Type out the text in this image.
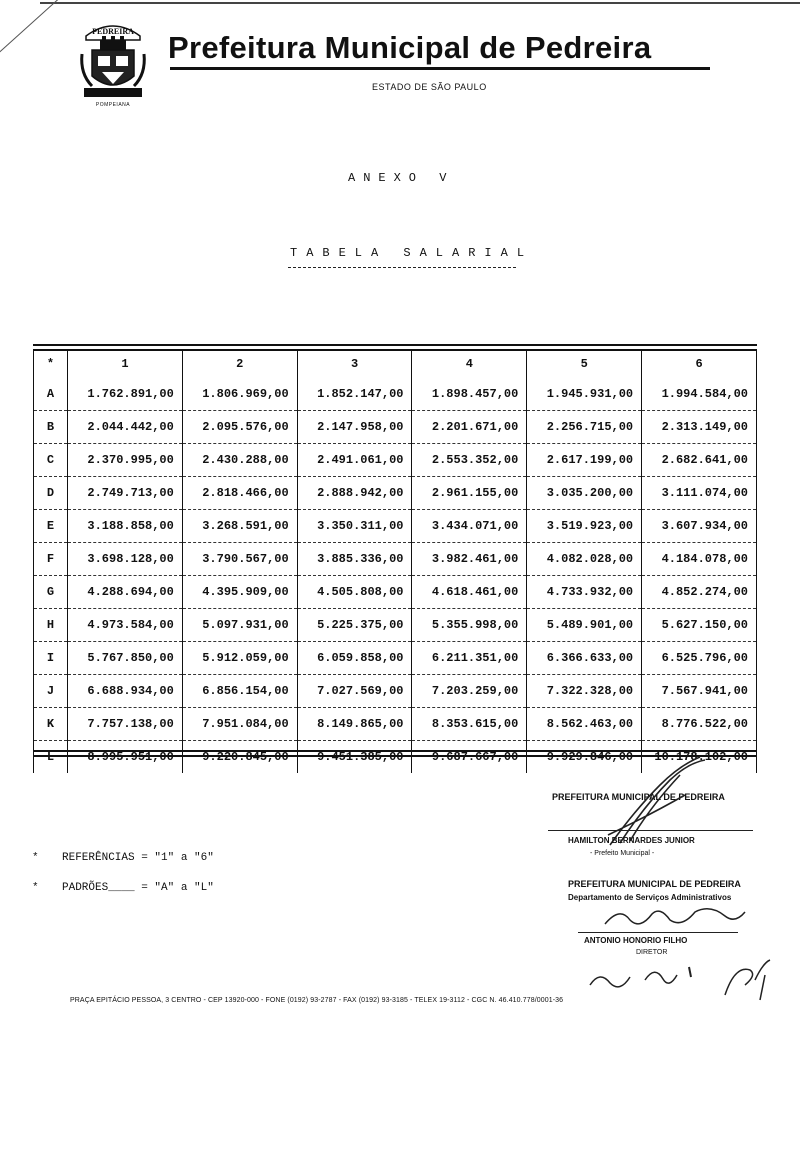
PEDREIRA
POMPEIANA
Prefeitura Municipal de Pedreira
ESTADO DE SÃO PAULO
ANEXO V
TABELA SALARIAL
*	1	2	3	4	5	6
A	1.762.891,00	1.806.969,00	1.852.147,00	1.898.457,00	1.945.931,00	1.994.584,00
B	2.044.442,00	2.095.576,00	2.147.958,00	2.201.671,00	2.256.715,00	2.313.149,00
C	2.370.995,00	2.430.288,00	2.491.061,00	2.553.352,00	2.617.199,00	2.682.641,00
D	2.749.713,00	2.818.466,00	2.888.942,00	2.961.155,00	3.035.200,00	3.111.074,00
E	3.188.858,00	3.268.591,00	3.350.311,00	3.434.071,00	3.519.923,00	3.607.934,00
F	3.698.128,00	3.790.567,00	3.885.336,00	3.982.461,00	4.082.028,00	4.184.078,00
G	4.288.694,00	4.395.909,00	4.505.808,00	4.618.461,00	4.733.932,00	4.852.274,00
H	4.973.584,00	5.097.931,00	5.225.375,00	5.355.998,00	5.489.901,00	5.627.150,00
I	5.767.850,00	5.912.059,00	6.059.858,00	6.211.351,00	6.366.633,00	6.525.796,00
J	6.688.934,00	6.856.154,00	7.027.569,00	7.203.259,00	7.322.328,00	7.567.941,00
K	7.757.138,00	7.951.084,00	8.149.865,00	8.353.615,00	8.562.463,00	8.776.522,00
L	8.995.951,00	9.220.845,00	9.451.385,00	9.687.667,00	9.929.846,00	10.178.102,00
PREFEITURA MUNICIPAL DE PEDREIRA
HAMILTON BERNARDES JUNIOR
- Prefeito Municipal -
PREFEITURA MUNICIPAL DE PEDREIRA
Departamento de Serviços Administrativos
ANTONIO HONORIO FILHO
DIRETOR
* REFERÊNCIAS = "1" a "6"
* PADRÕES____ = "A" a "L"
PRAÇA EPITÁCIO PESSOA, 3 CENTRO - CEP 13920-000 - FONE (0192) 93-2787 - FAX (0192) 93-3185 - TELEX 19-3112 - CGC N. 46.410.778/0001-36
